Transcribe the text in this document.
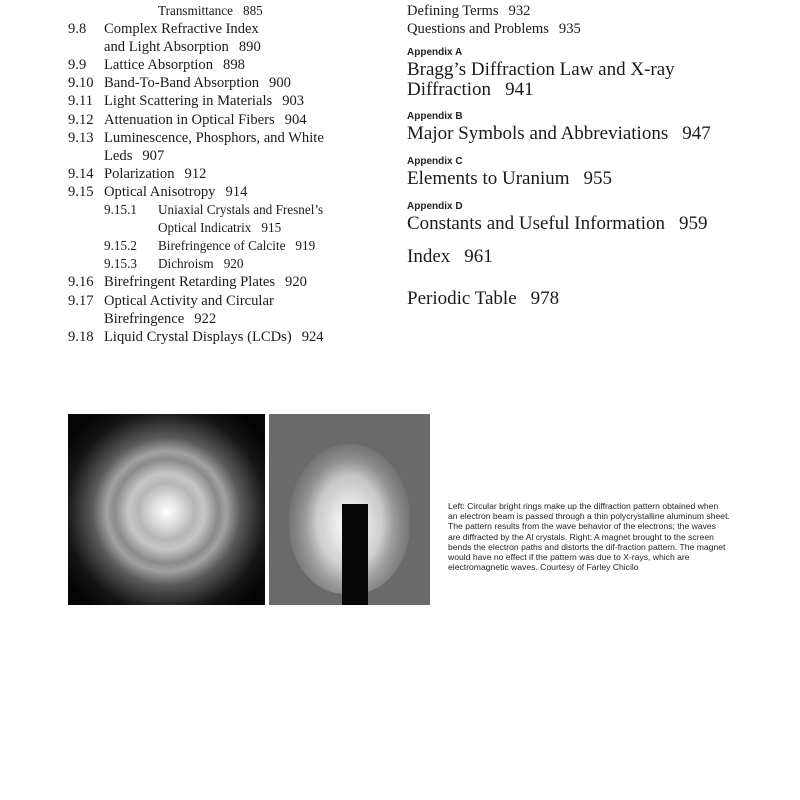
Transmittance 885
9.8	Complex Refractive Index
and Light Absorption 890
9.9	Lattice Absorption 898
9.10 Band-To-Band Absorption 900
9.11 Light Scattering in Materials 903
9.12 Attenuation in Optical Fibers 904
9.13 Luminescence, Phosphors, and White
Leds 907
9.14 Polarization 912
9.15 Optical Anisotropy 914
9.15.1	Uniaxial Crystals and Fresnel’s
Optical Indicatrix 915
9.15.2	Birefringence of Calcite 919
9.15.3	Dichroism 920
9.16 Birefringent Retarding Plates 920
9.17 Optical Activity and Circular
Birefringence 922
9.18 Liquid Crystal Displays (LCDs) 924
Defining Terms 932
Questions and Problems 935
Appendix A
Bragg’s Diffraction Law and X-ray
Diffraction 941
Appendix B
Major Symbols and Abbreviations 947
Appendix C
Elements to Uranium 955
Appendix D
Constants and Useful Information 959
Index 961
Periodic Table 978
Left: Circular bright rings make up the diffraction pattern obtained when an electron beam is passed through a thin polycrystalline aluminum sheet. The pattern results from the wave behavior of the electrons; the waves are diffracted by the Al crystals. Right: A magnet brought to the screen bends the electron paths and distorts the dif-fraction pattern. The magnet would have no effect if the pattern was due to X-rays, which are electromagnetic waves. Courtesy of Farley Chicilo
